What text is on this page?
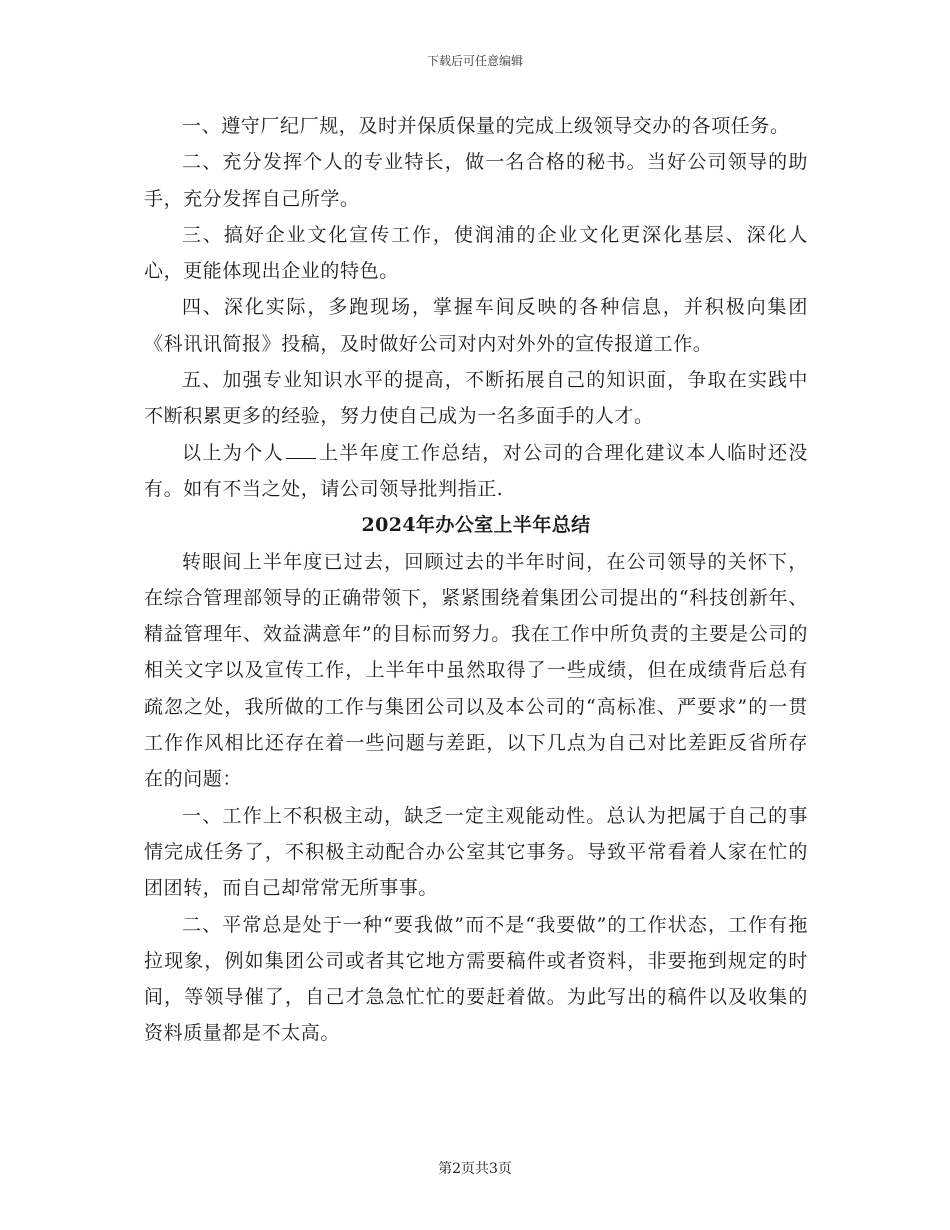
下载后可任意编辑

一、遵守厂纪厂规，及时并保质保量的完成上级领导交办的各项任务。

二、充分发挥个人的专业特长，做一名合格的秘书。当好公司领导的助手，充分发挥自己所学。

三、搞好企业文化宣传工作，使润浦的企业文化更深化基层、深化人心，更能体现出企业的特色。

四、深化实际，多跑现场，掌握车间反映的各种信息，并积极向集团《科讯讯简报》投稿，及时做好公司对内对外外的宣传报道工作。

五、加强专业知识水平的提高，不断拓展自己的知识面，争取在实践中不断积累更多的经验，努力使自己成为一名多面手的人才。

以上为个人 上半年度工作总结，对公司的合理化建议本人临时还没有。如有不当之处，请公司领导批判指正.

2024年办公室上半年总结

转眼间上半年度已过去，回顾过去的半年时间，在公司领导的关怀下，在综合管理部领导的正确带领下，紧紧围绕着集团公司提出的“科技创新年、精益管理年、效益满意年”的目标而努力。我在工作中所负责的主要是公司的相关文字以及宣传工作，上半年中虽然取得了一些成绩，但在成绩背后总有疏忽之处，我所做的工作与集团公司以及本公司的“高标准、严要求”的一贯工作作风相比还存在着一些问题与差距，以下几点为自己对比差距反省所存在的问题：

一、工作上不积极主动，缺乏一定主观能动性。总认为把属于自己的事情完成任务了，不积极主动配合办公室其它事务。导致平常看着人家在忙的团团转，而自己却常常无所事事。

二、平常总是处于一种“要我做”而不是“我要做”的工作状态，工作有拖拉现象，例如集团公司或者其它地方需要稿件或者资料，非要拖到规定的时间，等领导催了，自己才急急忙忙的要赶着做。为此写出的稿件以及收集的资料质量都是不太高。

第2页共3页
